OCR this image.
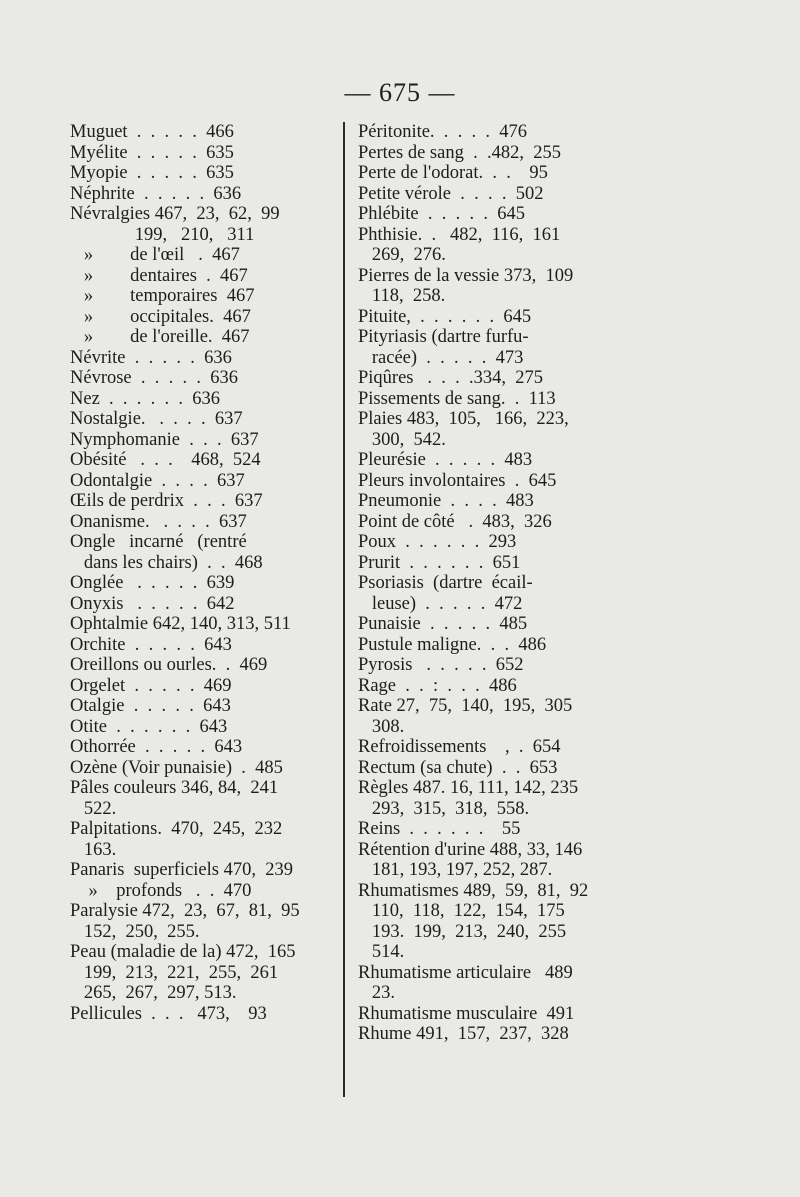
— 675 —
Muguet  .  .  .  .  .  466
Myélite  .  .  .  .  .  635
Myopie  .  .  .  .  .  635
Néphrite  .  .  .  .  .  636
Névralgies 467,  23,  62,  99
199,   210,   311
»        de l'œil   .  467
»        dentaires  .  467
»        temporaires  467
»        occipitales.  467
»        de l'oreille.  467
Névrite  .  .  .  .  .  636
Névrose  .  .  .  .  .  636
Nez  .  .  .  .  .  .  636
Nostalgie.   .  .  .  .  637
Nymphomanie  .  .  .  637
Obésité   .  .  .    468,  524
Odontalgie  .  .  .  .  637
Œils de perdrix  .  .  .  637
Onanisme.   .  .  .  .  637
Ongle   incarné   (rentré
dans les chairs)  .  .  468
Onglée   .  .  .  .  .  639
Onyxis   .  .  .  .  .  642
Ophtalmie 642, 140, 313, 511
Orchite  .  .  .  .  .  643
Oreillons ou ourles.  .  469
Orgelet  .  .  .  .  .  469
Otalgie  .  .  .  .  .  643
Otite  .  .  .  .  .  .  643
Othorrée  .  .  .  .  .  643
Ozène (Voir punaisie)  .  485
Pâles couleurs 346, 84,  241
522.
Palpitations.  470,  245,  232
163.
Panaris  superficiels 470,  239
»    profonds   .  .  470
Paralysie 472,  23,  67,  81,  95
152,  250,  255.
Peau (maladie de la) 472,  165
199,  213,  221,  255,  261
265,  267,  297, 513.
Pellicules  .  .  .   473,    93
Péritonite.  .  .  .  .  476
Pertes de sang  .  .482,  255
Perte de l'odorat.  .  .    95
Petite vérole  .  .  .  .  502
Phlébite  .  .  .  .  .  645
Phthisie.  .   482,  116,  161
269,  276.
Pierres de la vessie 373,  109
118,  258.
Pituite,  .  .  .  .  .  .  645
Pityriasis (dartre furfu-
racée)  .  .  .  .  .  473
Piqûres   .  .  .  .334,  275
Pissements de sang.  .  113
Plaies 483,  105,   166,  223,
300,  542.
Pleurésie  .  .  .  .  .  483
Pleurs involontaires  .  645
Pneumonie  .  .  .  .  483
Point de côté   .  483,  326
Poux  .  .  .  .  .  .  293
Prurit  .  .  .  .  .  .  651
Psoriasis  (dartre  écail-
leuse)  .  .  .  .  .  472
Punaisie  .  .  .  .  .  485
Pustule maligne.  .  .  486
Pyrosis   .  .  .  .  .  652
Rage  .  .  :  .  .  .  486
Rate 27,  75,  140,  195,  305
308.
Refroidissements    ,  .  654
Rectum (sa chute)  .  .  653
Règles 487. 16, 111, 142, 235
293,  315,  318,  558.
Reins  .  .  .  .  .  .    55
Rétention d'urine 488, 33, 146
181, 193, 197, 252, 287.
Rhumatismes 489,  59,  81,  92
110,  118,  122,  154,  175
193.  199,  213,  240,  255
514.
Rhumatisme articulaire   489
23.
Rhumatisme musculaire  491
Rhume 491,  157,  237,  328
